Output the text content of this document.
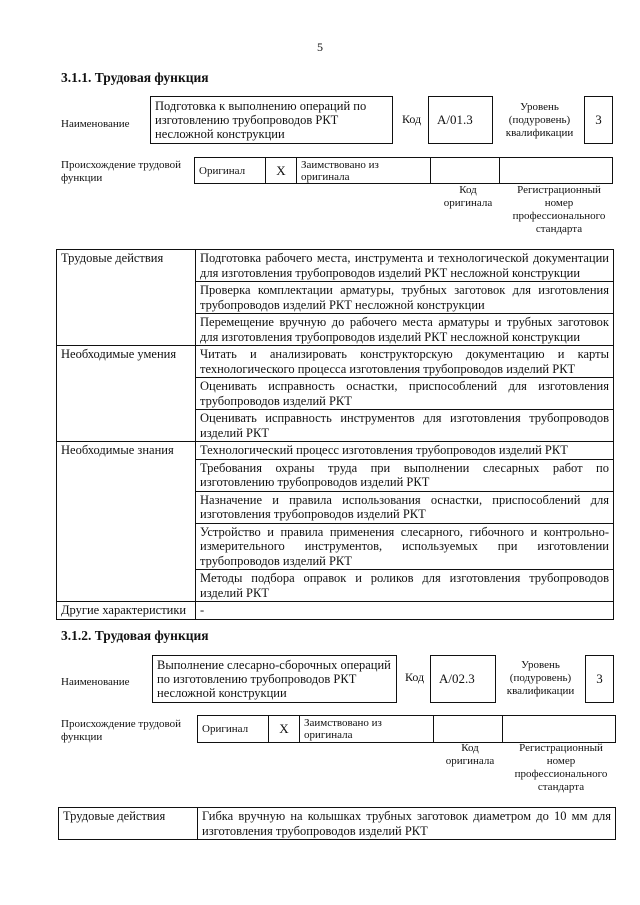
5
3.1.1. Трудовая функция
Наименование
Подготовка к выполнению операций по изготовлению трубопроводов РКТ несложной конструкции
Код	A/01.3
Уровень (подуровень) квалификации
3
Происхождение трудовой функции
Оригинал	X	Заимствовано из оригинала		
Код оригинала
Регистрационный номер профессионального стандарта
Трудовые действия	Подготовка рабочего места, инструмента и технологической документации для изготовления трубопроводов изделий РКТ несложной конструкции
	Проверка комплектации арматуры, трубных заготовок для изготовления трубопроводов изделий РКТ несложной конструкции
	Перемещение вручную до рабочего места арматуры и трубных заготовок для изготовления трубопроводов изделий РКТ несложной конструкции
Необходимые умения	Читать и анализировать конструкторскую документацию и карты технологического процесса изготовления трубопроводов изделий РКТ
	Оценивать исправность оснастки, приспособлений для изготовления трубопроводов изделий РКТ
	Оценивать исправность инструментов для изготовления трубопроводов изделий РКТ
Необходимые знания	Технологический процесс изготовления трубопроводов изделий РКТ
	Требования охраны труда при выполнении слесарных работ по изготовлению трубопроводов изделий РКТ
	Назначение и правила использования оснастки, приспособлений для изготовления трубопроводов изделий РКТ
	Устройство и правила применения слесарного, гибочного и контрольно-измерительного инструментов, используемых при изготовлении трубопроводов изделий РКТ
	Методы подбора оправок и роликов для изготовления трубопроводов изделий РКТ
Другие характеристики	-
3.1.2. Трудовая функция
Наименование
Выполнение слесарно-сборочных операций по изготовлению трубопроводов РКТ несложной конструкции
Код	A/02.3
Уровень (подуровень) квалификации
3
Происхождение трудовой функции
Оригинал	X	Заимствовано из оригинала		
Код оригинала
Регистрационный номер профессионального стандарта
Трудовые действия	Гибка вручную на колышках трубных заготовок диаметром до 10 мм для изготовления трубопроводов изделий РКТ
